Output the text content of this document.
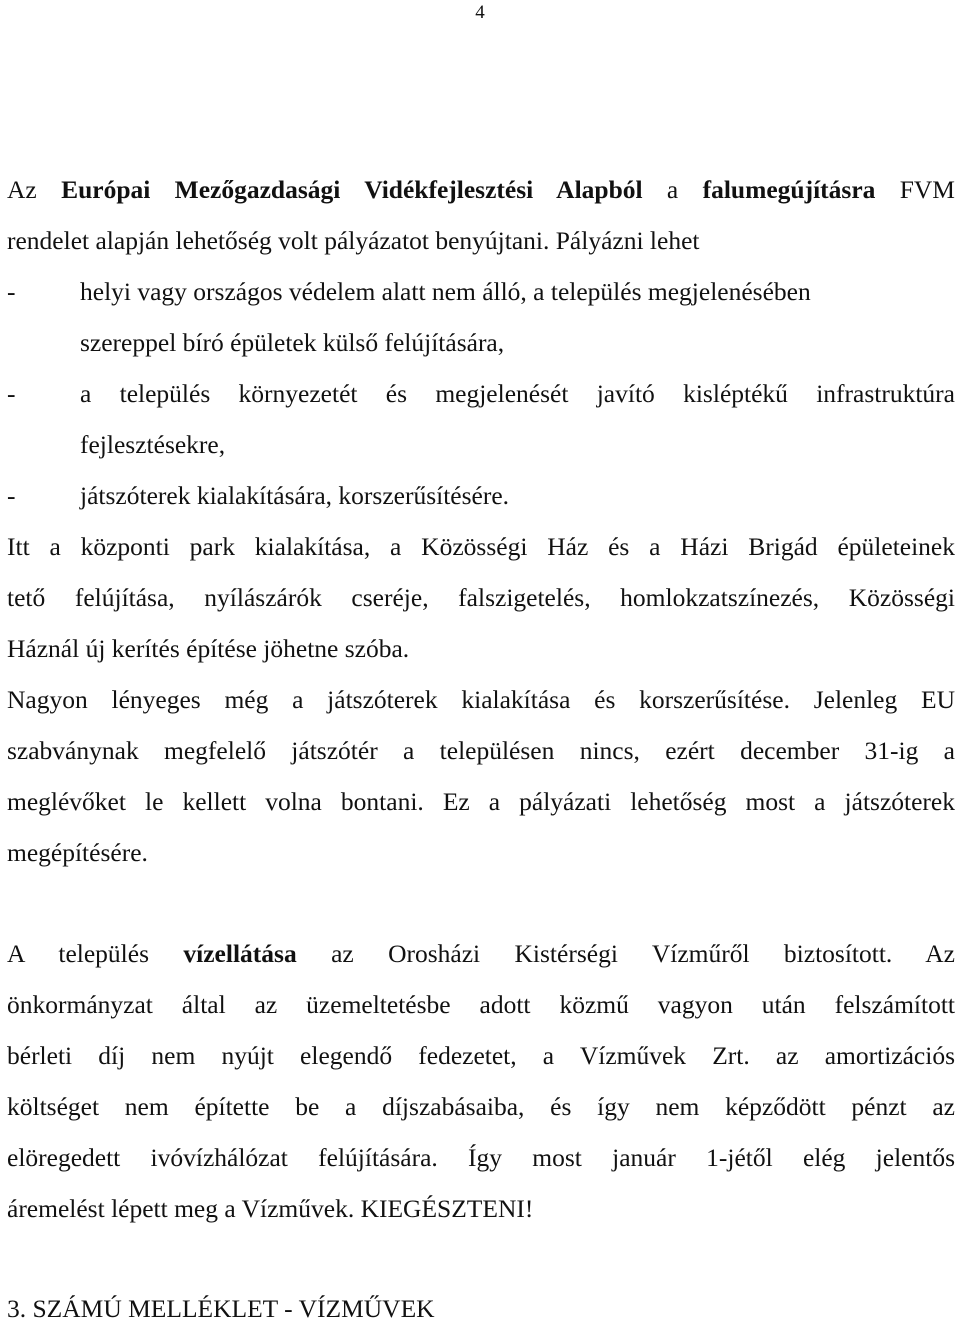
4
Az Európai Mezőgazdasági Vidékfejlesztési Alapból a falumegújításra FVM
rendelet alapján lehetőség volt pályázatot benyújtani. Pályázni lehet
-	helyi vagy országos védelem alatt nem álló, a település megjelenésében
szereppel bíró épületek külső felújítására,
-	a település környezetét és megjelenését javító kisléptékű infrastruktúra
fejlesztésekre,
-	játszóterek kialakítására, korszerűsítésére.
Itt a központi park kialakítása, a Közösségi Ház és a Házi Brigád épületeinek
tető felújítása, nyílászárók cseréje, falszigetelés, homlokzatszínezés, Közösségi
Háznál új kerítés építése jöhetne szóba.
Nagyon lényeges még a játszóterek kialakítása és korszerűsítése. Jelenleg EU
szabványnak megfelelő játszótér a településen nincs, ezért december 31-ig a
meglévőket le kellett volna bontani. Ez a pályázati lehetőség most a játszóterek
megépítésére.
A település vízellátása az Orosházi Kistérségi Vízműről biztosított. Az
önkormányzat által az üzemeltetésbe adott közmű vagyon után felszámított
bérleti díj nem nyújt elegendő fedezetet, a Vízművek Zrt. az amortizációs
költséget nem építette be a díjszabásaiba, és így nem képződött pénzt az
elöregedett ivóvízhálózat felújítására. Így most január 1-jétől elég jelentős
áremelést lépett meg a Vízművek. KIEGÉSZTENI!
3. SZÁMÚ MELLÉKLET - VÍZMŰVEK
